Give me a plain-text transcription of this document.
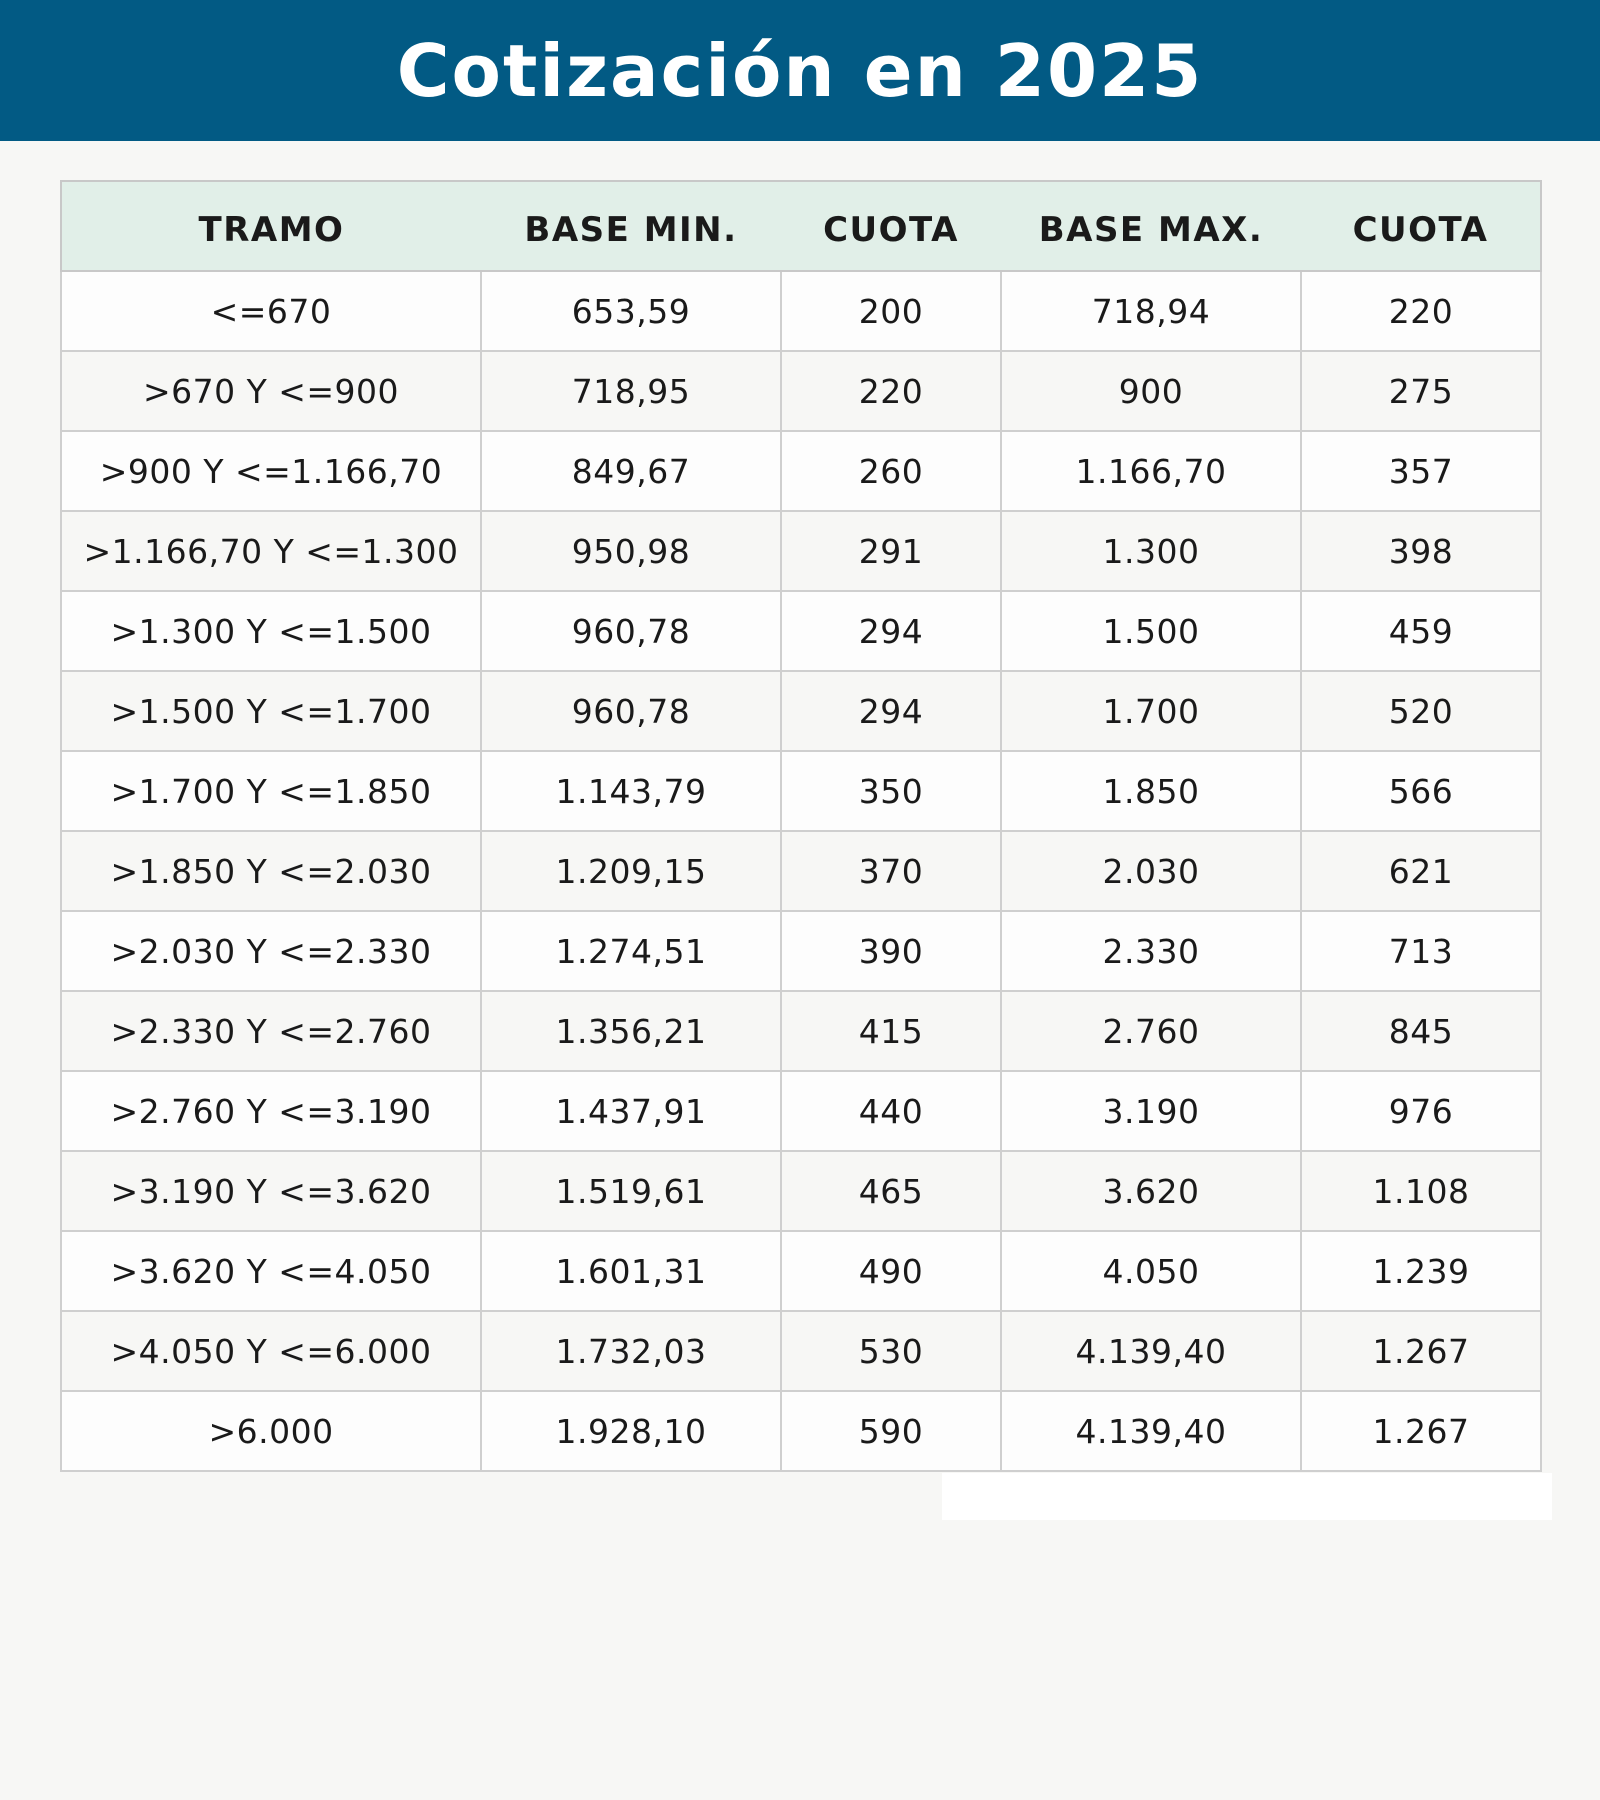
Cotización en 2025
TRAMO	BASE MIN.	CUOTA	BASE MAX.	CUOTA
<=670	653,59	200	718,94	220
>670 Y <=900	718,95	220	900	275
>900 Y <=1.166,70	849,67	260	1.166,70	357
>1.166,70 Y <=1.300	950,98	291	1.300	398
>1.300 Y <=1.500	960,78	294	1.500	459
>1.500 Y <=1.700	960,78	294	1.700	520
>1.700 Y <=1.850	1.143,79	350	1.850	566
>1.850 Y <=2.030	1.209,15	370	2.030	621
>2.030 Y <=2.330	1.274,51	390	2.330	713
>2.330 Y <=2.760	1.356,21	415	2.760	845
>2.760 Y <=3.190	1.437,91	440	3.190	976
>3.190 Y <=3.620	1.519,61	465	3.620	1.108
>3.620 Y <=4.050	1.601,31	490	4.050	1.239
>4.050 Y <=6.000	1.732,03	530	4.139,40	1.267
>6.000	1.928,10	590	4.139,40	1.267
